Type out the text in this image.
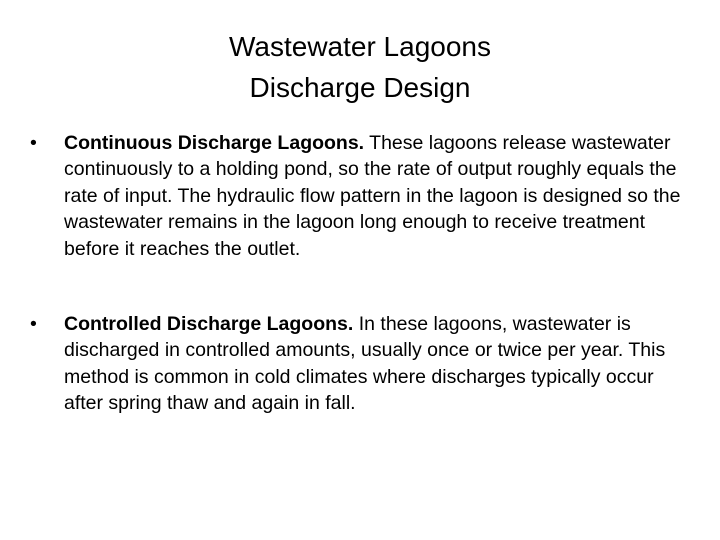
Wastewater Lagoons
Discharge Design
•	Continuous Discharge Lagoons. These lagoons release wastewater continuously to a holding pond, so the rate of output roughly equals the rate of input. The hydraulic flow pattern in the lagoon is designed so the wastewater remains in the lagoon long enough to receive treatment before it reaches the outlet.
•	Controlled Discharge Lagoons. In these lagoons, wastewater is discharged in controlled amounts, usually once or twice per year. This method is common in cold climates where discharges typically occur after spring thaw and again in fall.
